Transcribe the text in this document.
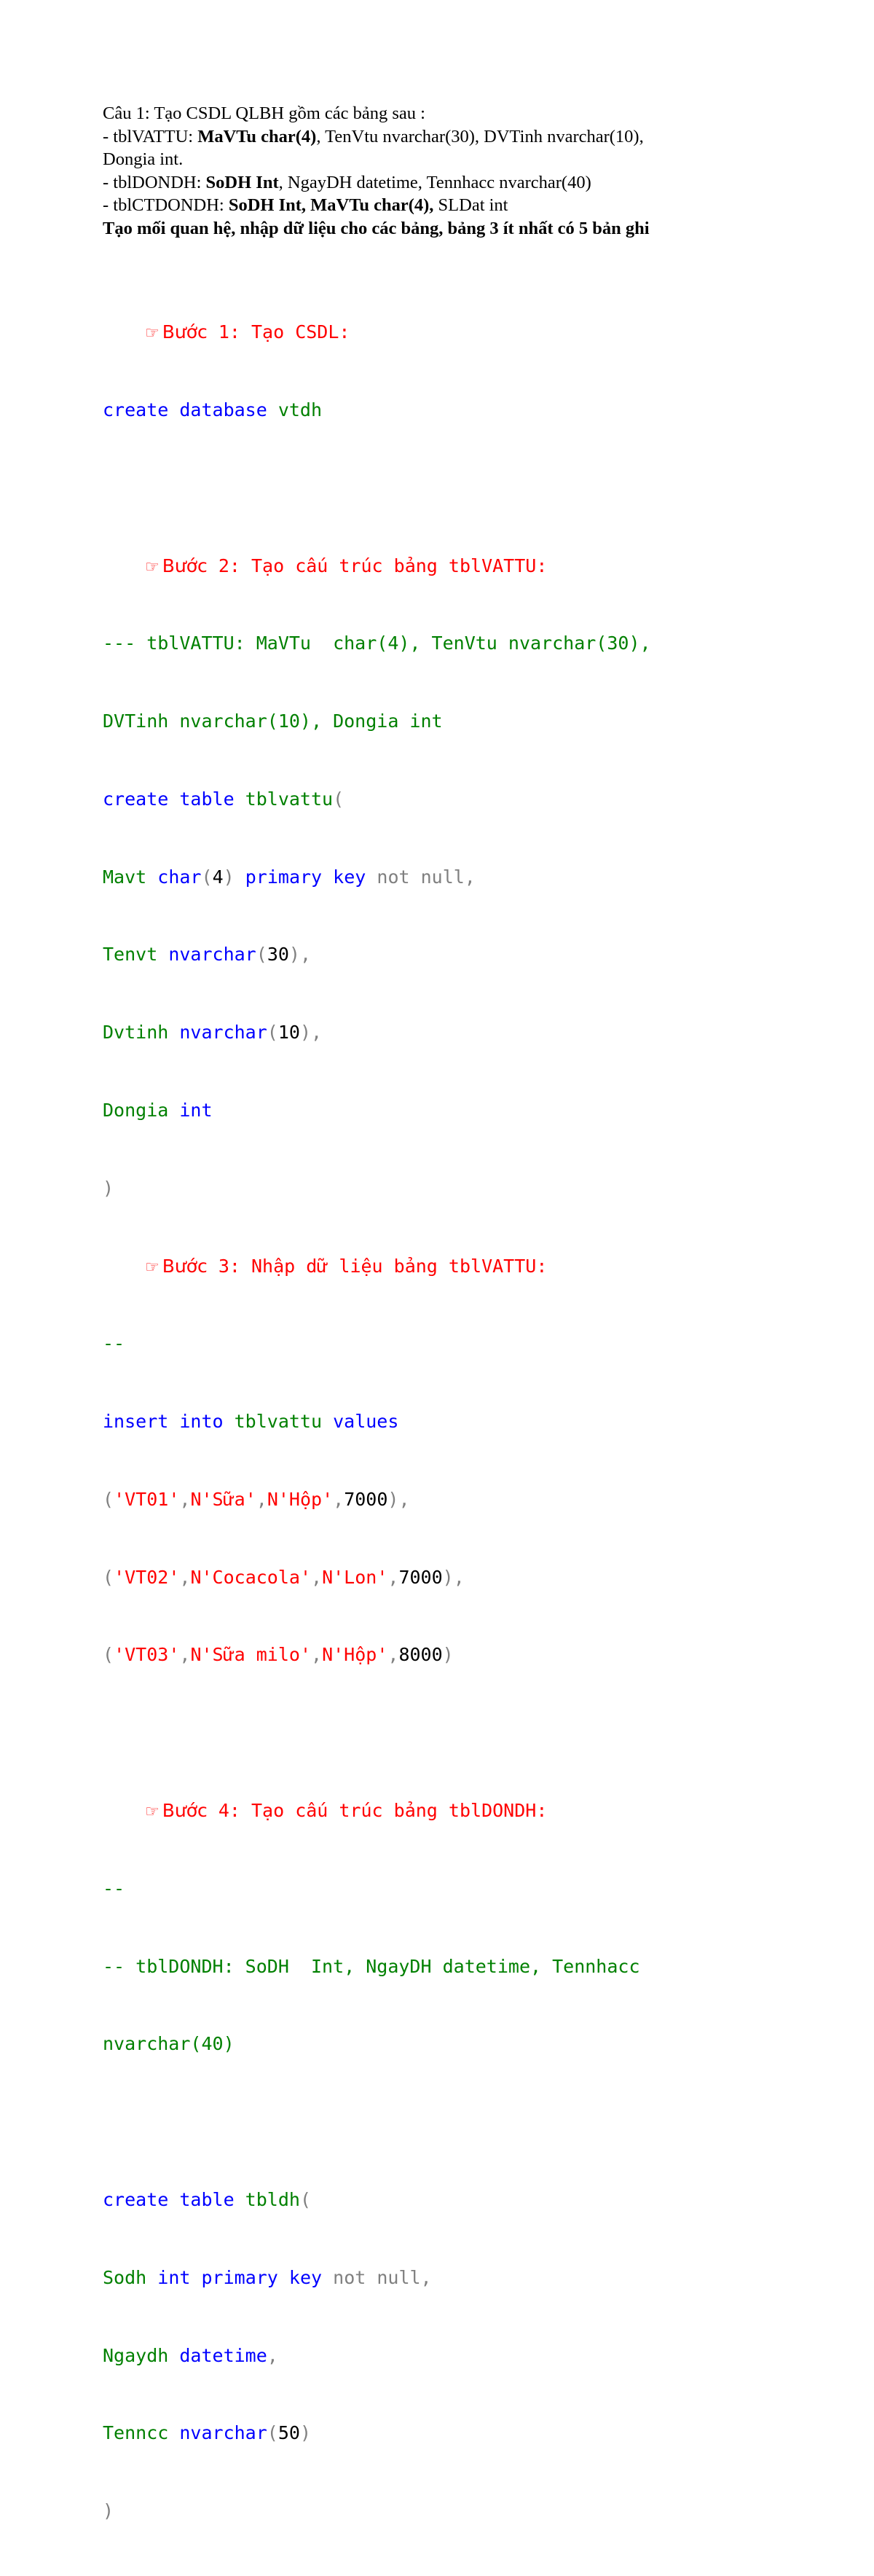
Câu 1: Tạo CSDL QLBH gồm các bảng sau :
- tblVATTU: MaVTu char(4), TenVtu nvarchar(30), DVTinh nvarchar(10),
Dongia int.
- tblDONDH: SoDH Int, NgayDH datetime, Tennhacc nvarchar(40)
- tblCTDONDH: SoDH Int, MaVTu char(4), SLDat int
Tạo mối quan hệ, nhập dữ liệu cho các bảng, bảng 3 ít nhất có 5 bản ghi

☞ Bước 1: Tạo CSDL:

create database vtdh

☞ Bước 2: Tạo cấu trúc bảng tblVATTU:

--- tblVATTU: MaVTu  char(4), TenVtu nvarchar(30),

DVTinh nvarchar(10), Dongia int

create table tblvattu(

Mavt char(4) primary key not null,

Tenvt nvarchar(30),

Dvtinh nvarchar(10),

Dongia int

)

☞ Bước 3: Nhập dữ liệu bảng tblVATTU:

--

insert into tblvattu values

('VT01',N'Sữa',N'Hộp',7000),

('VT02',N'Cocacola',N'Lon',7000),

('VT03',N'Sữa milo',N'Hộp',8000)

☞ Bước 4: Tạo cấu trúc bảng tblDONDH:

--

-- tblDONDH: SoDH  Int, NgayDH datetime, Tennhacc

nvarchar(40)

create table tbldh(

Sodh int primary key not null,

Ngaydh datetime,

Tenncc nvarchar(50)

)
